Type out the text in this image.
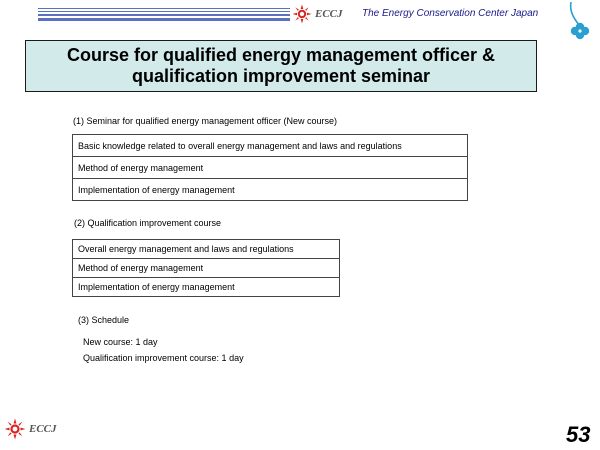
ECCJ The Energy Conservation Center Japan
Course for qualified energy management officer &
qualification improvement seminar
(1) Seminar for qualified energy management officer (New course)
Basic knowledge related to overall energy management and laws and regulations
Method of energy management
Implementation of energy management
(2) Qualification improvement course
Overall energy management and laws and regulations
Method of energy management
Implementation of energy management
(3) Schedule
New course: 1 day
Qualification improvement course: 1 day
ECCJ	53
